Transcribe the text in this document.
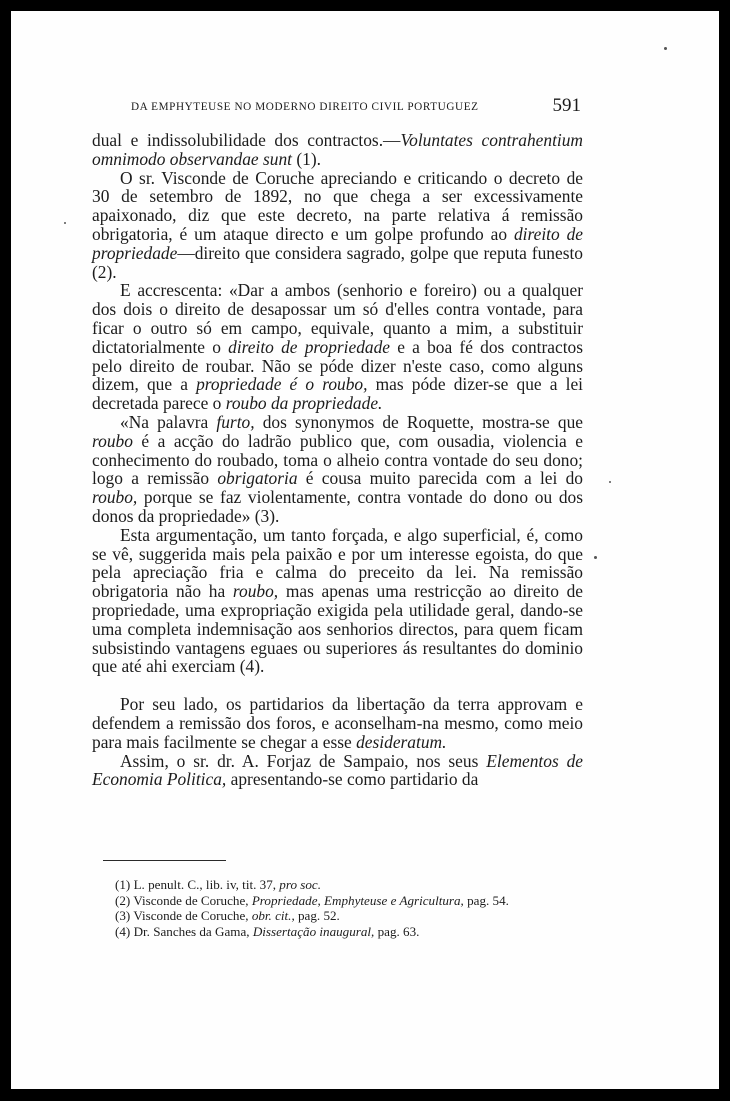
DA EMPHYTEUSE NO MODERNO DIREITO CIVIL PORTUGUEZ	591

dual e indissolubilidade dos contractos.—Voluntates contrahentium omnimodo observandae sunt (1).

O sr. Visconde de Coruche apreciando e criticando o decreto de 30 de setembro de 1892, no que chega a ser excessivamente apaixonado, diz que este decreto, na parte relativa á remissão obrigatoria, é um ataque directo e um golpe profundo ao direito de propriedade—direito que considera sagrado, golpe que reputa funesto (2).

E accrescenta: «Dar a ambos (senhorio e foreiro) ou a qualquer dos dois o direito de desapossar um só d'elles contra vontade, para ficar o outro só em campo, equivale, quanto a mim, a substituir dictatorialmente o direito de propriedade e a boa fé dos contractos pelo direito de roubar. Não se póde dizer n'este caso, como alguns dizem, que a propriedade é o roubo, mas póde dizer-se que a lei decretada parece o roubo da propriedade.

«Na palavra furto, dos synonymos de Roquette, mostra-se que roubo é a acção do ladrão publico que, com ousadia, violencia e conhecimento do roubado, toma o alheio contra vontade do seu dono; logo a remissão obrigatoria é cousa muito parecida com a lei do roubo, porque se faz violentamente, contra vontade do dono ou dos donos da propriedade» (3).

Esta argumentação, um tanto forçada, e algo superficial, é, como se vê, suggerida mais pela paixão e por um interesse egoista, do que pela apreciação fria e calma do preceito da lei. Na remissão obrigatoria não ha roubo, mas apenas uma restricção ao direito de propriedade, uma expropriação exigida pela utilidade geral, dando-se uma completa indemnisação aos senhorios directos, para quem ficam subsistindo vantagens eguaes ou superiores ás resultantes do dominio que até ahi exerciam (4).

Por seu lado, os partidarios da libertação da terra approvam e defendem a remissão dos foros, e aconselham-na mesmo, como meio para mais facilmente se chegar a esse desideratum.

Assim, o sr. dr. A. Forjaz de Sampaio, nos seus Elementos de Economia Politica, apresentando-se como partidario da

(1) L. penult. C., lib. iv, tit. 37, pro soc.

(2) Visconde de Coruche, Propriedade, Emphyteuse e Agricultura, pag. 54.

(3) Visconde de Coruche, obr. cit., pag. 52.

(4) Dr. Sanches da Gama, Dissertação inaugural, pag. 63.
